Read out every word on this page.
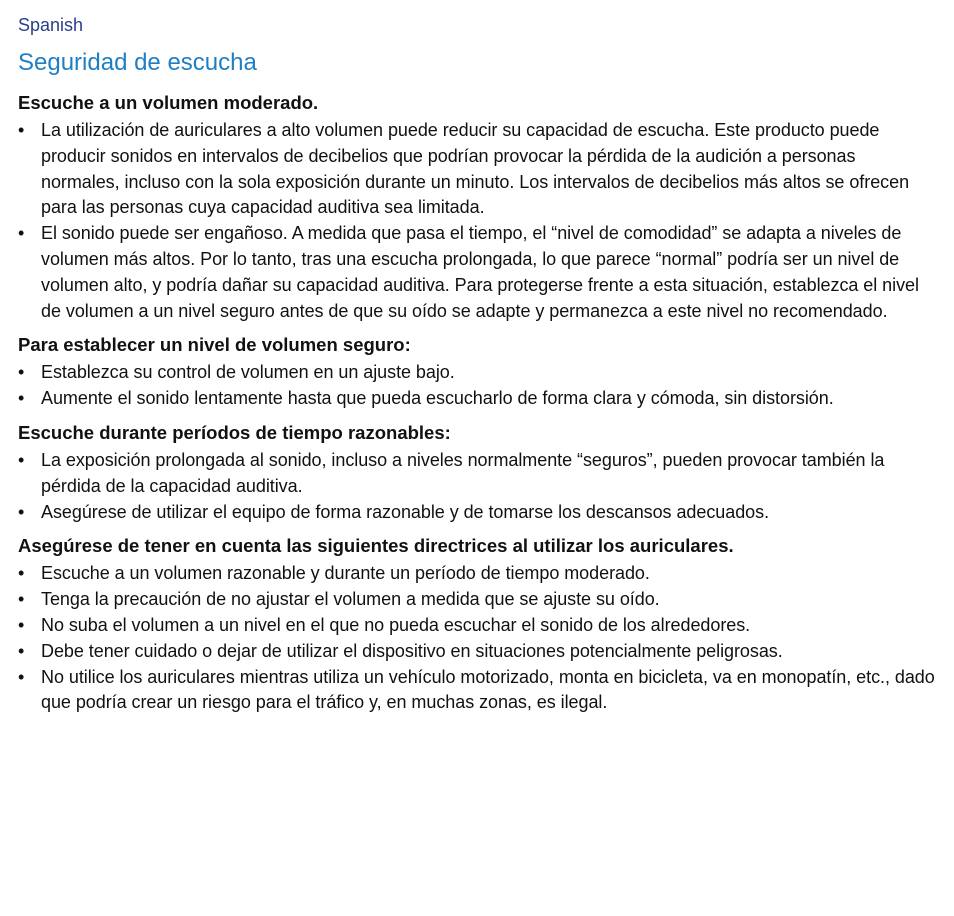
Spanish

Seguridad de escucha

Escuche a un volumen moderado.

• La utilización de auriculares a alto volumen puede reducir su capacidad de escucha. Este producto puede producir sonidos en intervalos de decibelios que podrían provocar la pérdida de la audición a personas normales, incluso con la sola exposición durante un minuto. Los intervalos de decibelios más altos se ofrecen para las personas cuya capacidad auditiva sea limitada.
• El sonido puede ser engañoso. A medida que pasa el tiempo, el “nivel de comodidad” se adapta a niveles de volumen más altos. Por lo tanto, tras una escucha prolongada, lo que parece “normal” podría ser un nivel de volumen alto, y podría dañar su capacidad auditiva. Para protegerse frente a esta situación, establezca el nivel de volumen a un nivel seguro antes de que su oído se adapte y permanezca a este nivel no recomendado.

Para establecer un nivel de volumen seguro:

• Establezca su control de volumen en un ajuste bajo.
• Aumente el sonido lentamente hasta que pueda escucharlo de forma clara y cómoda, sin distorsión.

Escuche durante períodos de tiempo razonables:

• La exposición prolongada al sonido, incluso a niveles normalmente “seguros”, pueden provocar también la pérdida de la capacidad auditiva.
• Asegúrese de utilizar el equipo de forma razonable y de tomarse los descansos adecuados.

Asegúrese de tener en cuenta las siguientes directrices al utilizar los auriculares.

• Escuche a un volumen razonable y durante un período de tiempo moderado.
• Tenga la precaución de no ajustar el volumen a medida que se ajuste su oído.
• No suba el volumen a un nivel en el que no pueda escuchar el sonido de los alrededores.
• Debe tener cuidado o dejar de utilizar el dispositivo en situaciones potencialmente peligrosas.
• No utilice los auriculares mientras utiliza un vehículo motorizado, monta en bicicleta, va en monopatín, etc., dado que podría crear un riesgo para el tráfico y, en muchas zonas, es ilegal.
